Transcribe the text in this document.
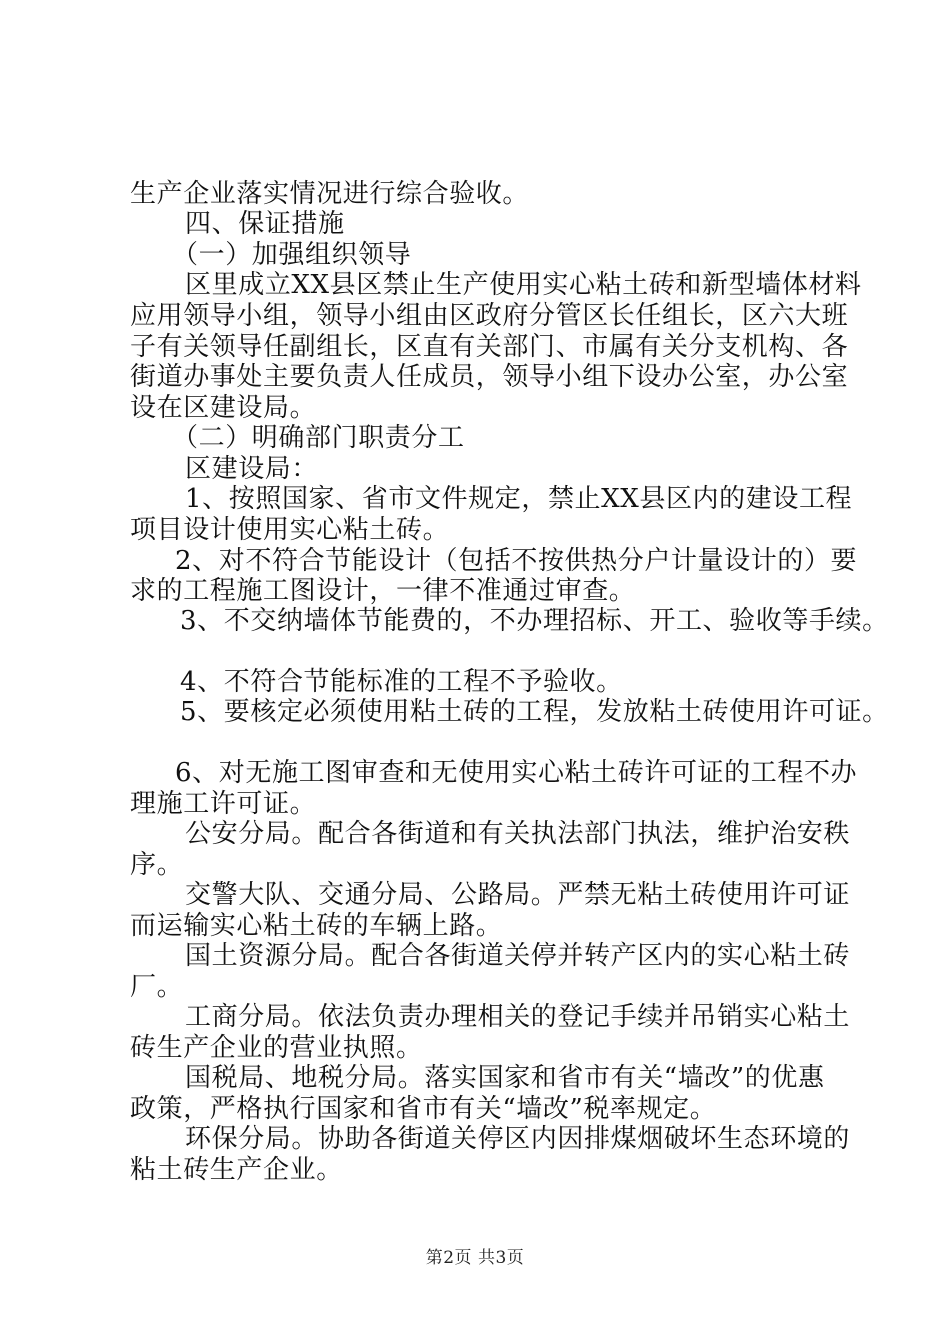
生产企业落实情况进行综合验收。
四、保证措施
（一）加强组织领导
区里成立XX县区禁止生产使用实心粘土砖和新型墙体材料
应用领导小组，领导小组由区政府分管区长任组长，区六大班
子有关领导任副组长，区直有关部门、市属有关分支机构、各
街道办事处主要负责人任成员，领导小组下设办公室，办公室
设在区建设局。
（二）明确部门职责分工
区建设局：
1、按照国家、省市文件规定，禁止XX县区内的建设工程
项目设计使用实心粘土砖。
2、对不符合节能设计（包括不按供热分户计量设计的）要
求的工程施工图设计，一律不准通过审查。
3、不交纳墙体节能费的，不办理招标、开工、验收等手续。
4、不符合节能标准的工程不予验收。
5、要核定必须使用粘土砖的工程，发放粘土砖使用许可证。
6、对无施工图审查和无使用实心粘土砖许可证的工程不办
理施工许可证。
公安分局。配合各街道和有关执法部门执法，维护治安秩
序。
交警大队、交通分局、公路局。严禁无粘土砖使用许可证
而运输实心粘土砖的车辆上路。
国土资源分局。配合各街道关停并转产区内的实心粘土砖
厂。
工商分局。依法负责办理相关的登记手续并吊销实心粘土
砖生产企业的营业执照。
国税局、地税分局。落实国家和省市有关“墙改”的优惠
政策，严格执行国家和省市有关“墙改”税率规定。
环保分局。协助各街道关停区内因排煤烟破坏生态环境的
粘土砖生产企业。
第2页 共3页
